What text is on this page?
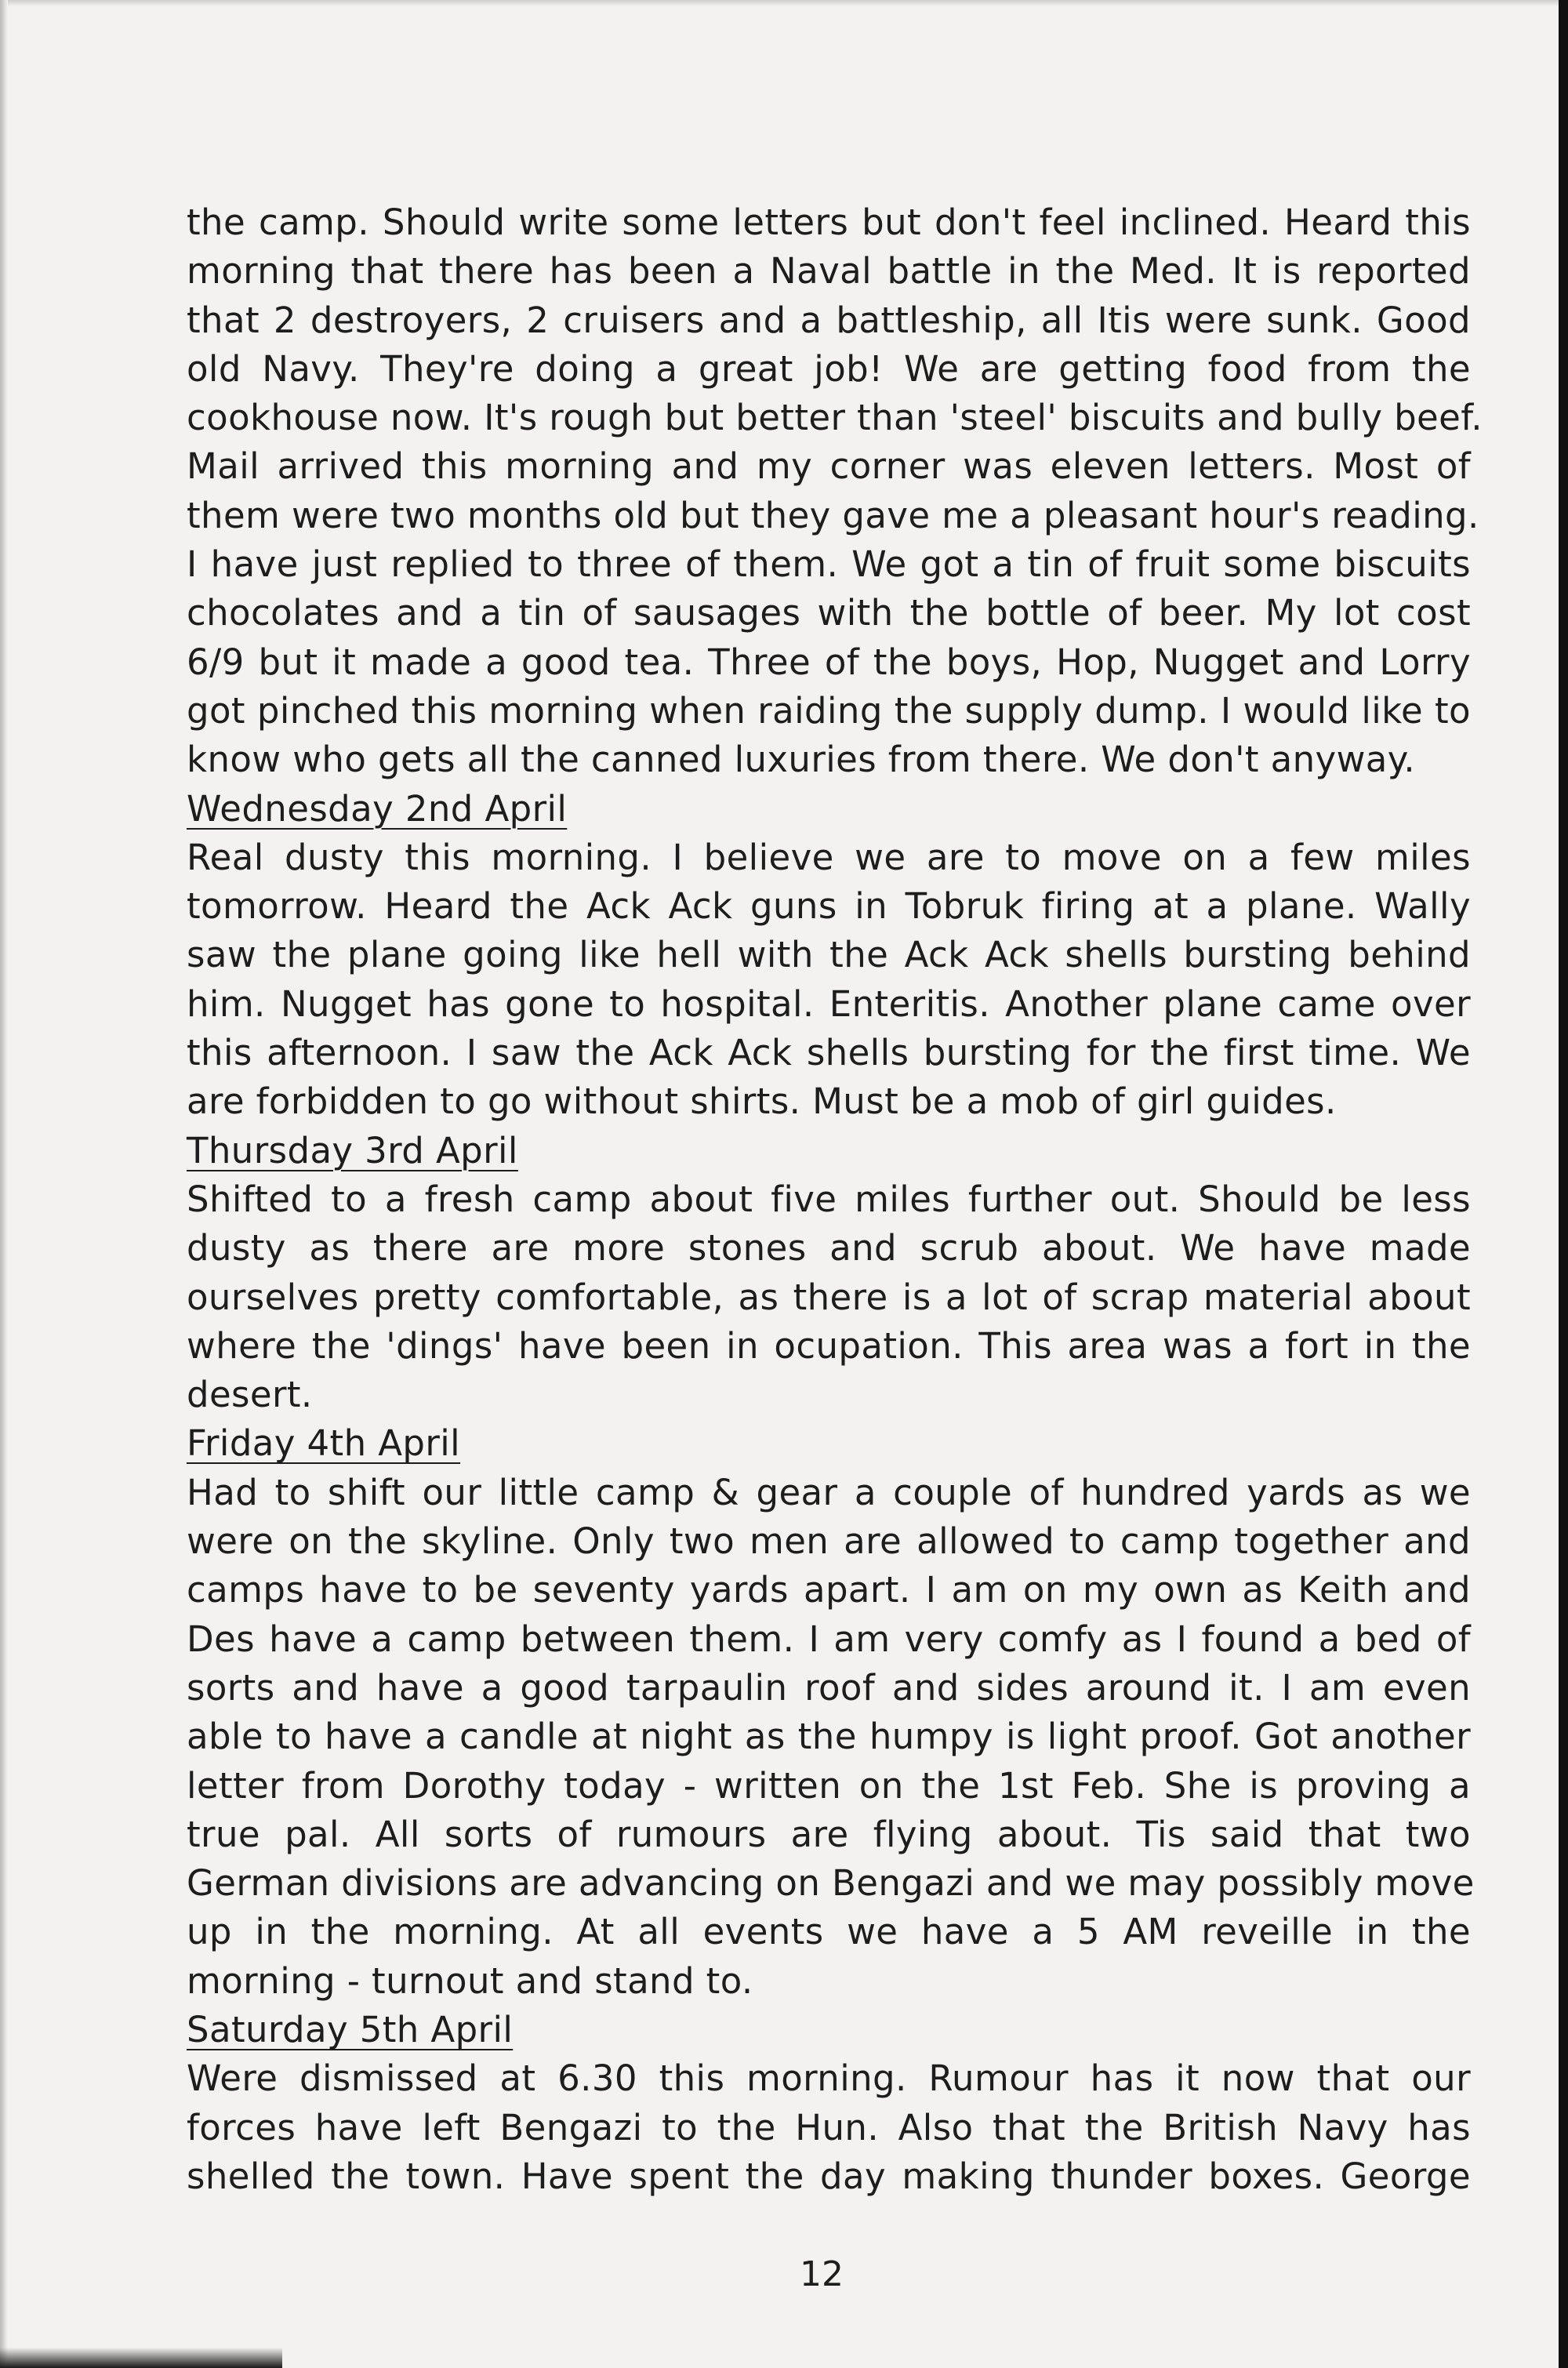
the camp. Should write some letters but don't feel inclined. Heard this
morning that there has been a Naval battle in the Med. It is reported
that 2 destroyers, 2 cruisers and a battleship, all Itis were sunk. Good
old Navy. They're doing a great job! We are getting food from the
cookhouse now. It's rough but better than 'steel' biscuits and bully beef.
Mail arrived this morning and my corner was eleven letters. Most of
them were two months old but they gave me a pleasant hour's reading.
I have just replied to three of them. We got a tin of fruit some biscuits
chocolates and a tin of sausages with the bottle of beer. My lot cost
6/9 but it made a good tea. Three of the boys, Hop, Nugget and Lorry
got pinched this morning when raiding the supply dump. I would like to
know who gets all the canned luxuries from there. We don't anyway.
Wednesday 2nd April
Real dusty this morning. I believe we are to move on a few miles
tomorrow. Heard the Ack Ack guns in Tobruk firing at a plane. Wally
saw the plane going like hell with the Ack Ack shells bursting behind
him. Nugget has gone to hospital. Enteritis. Another plane came over
this afternoon. I saw the Ack Ack shells bursting for the first time. We
are forbidden to go without shirts. Must be a mob of girl guides.
Thursday 3rd April
Shifted to a fresh camp about five miles further out. Should be less
dusty as there are more stones and scrub about. We have made
ourselves pretty comfortable, as there is a lot of scrap material about
where the 'dings' have been in ocupation. This area was a fort in the
desert.
Friday 4th April
Had to shift our little camp & gear a couple of hundred yards as we
were on the skyline. Only two men are allowed to camp together and
camps have to be seventy yards apart. I am on my own as Keith and
Des have a camp between them. I am very comfy as I found a bed of
sorts and have a good tarpaulin roof and sides around it. I am even
able to have a candle at night as the humpy is light proof. Got another
letter from Dorothy today - written on the 1st Feb. She is proving a
true pal. All sorts of rumours are flying about. Tis said that two
German divisions are advancing on Bengazi and we may possibly move
up in the morning. At all events we have a 5 AM reveille in the
morning - turnout and stand to.
Saturday 5th April
Were dismissed at 6.30 this morning. Rumour has it now that our
forces have left Bengazi to the Hun. Also that the British Navy has
shelled the town. Have spent the day making thunder boxes. George
12
